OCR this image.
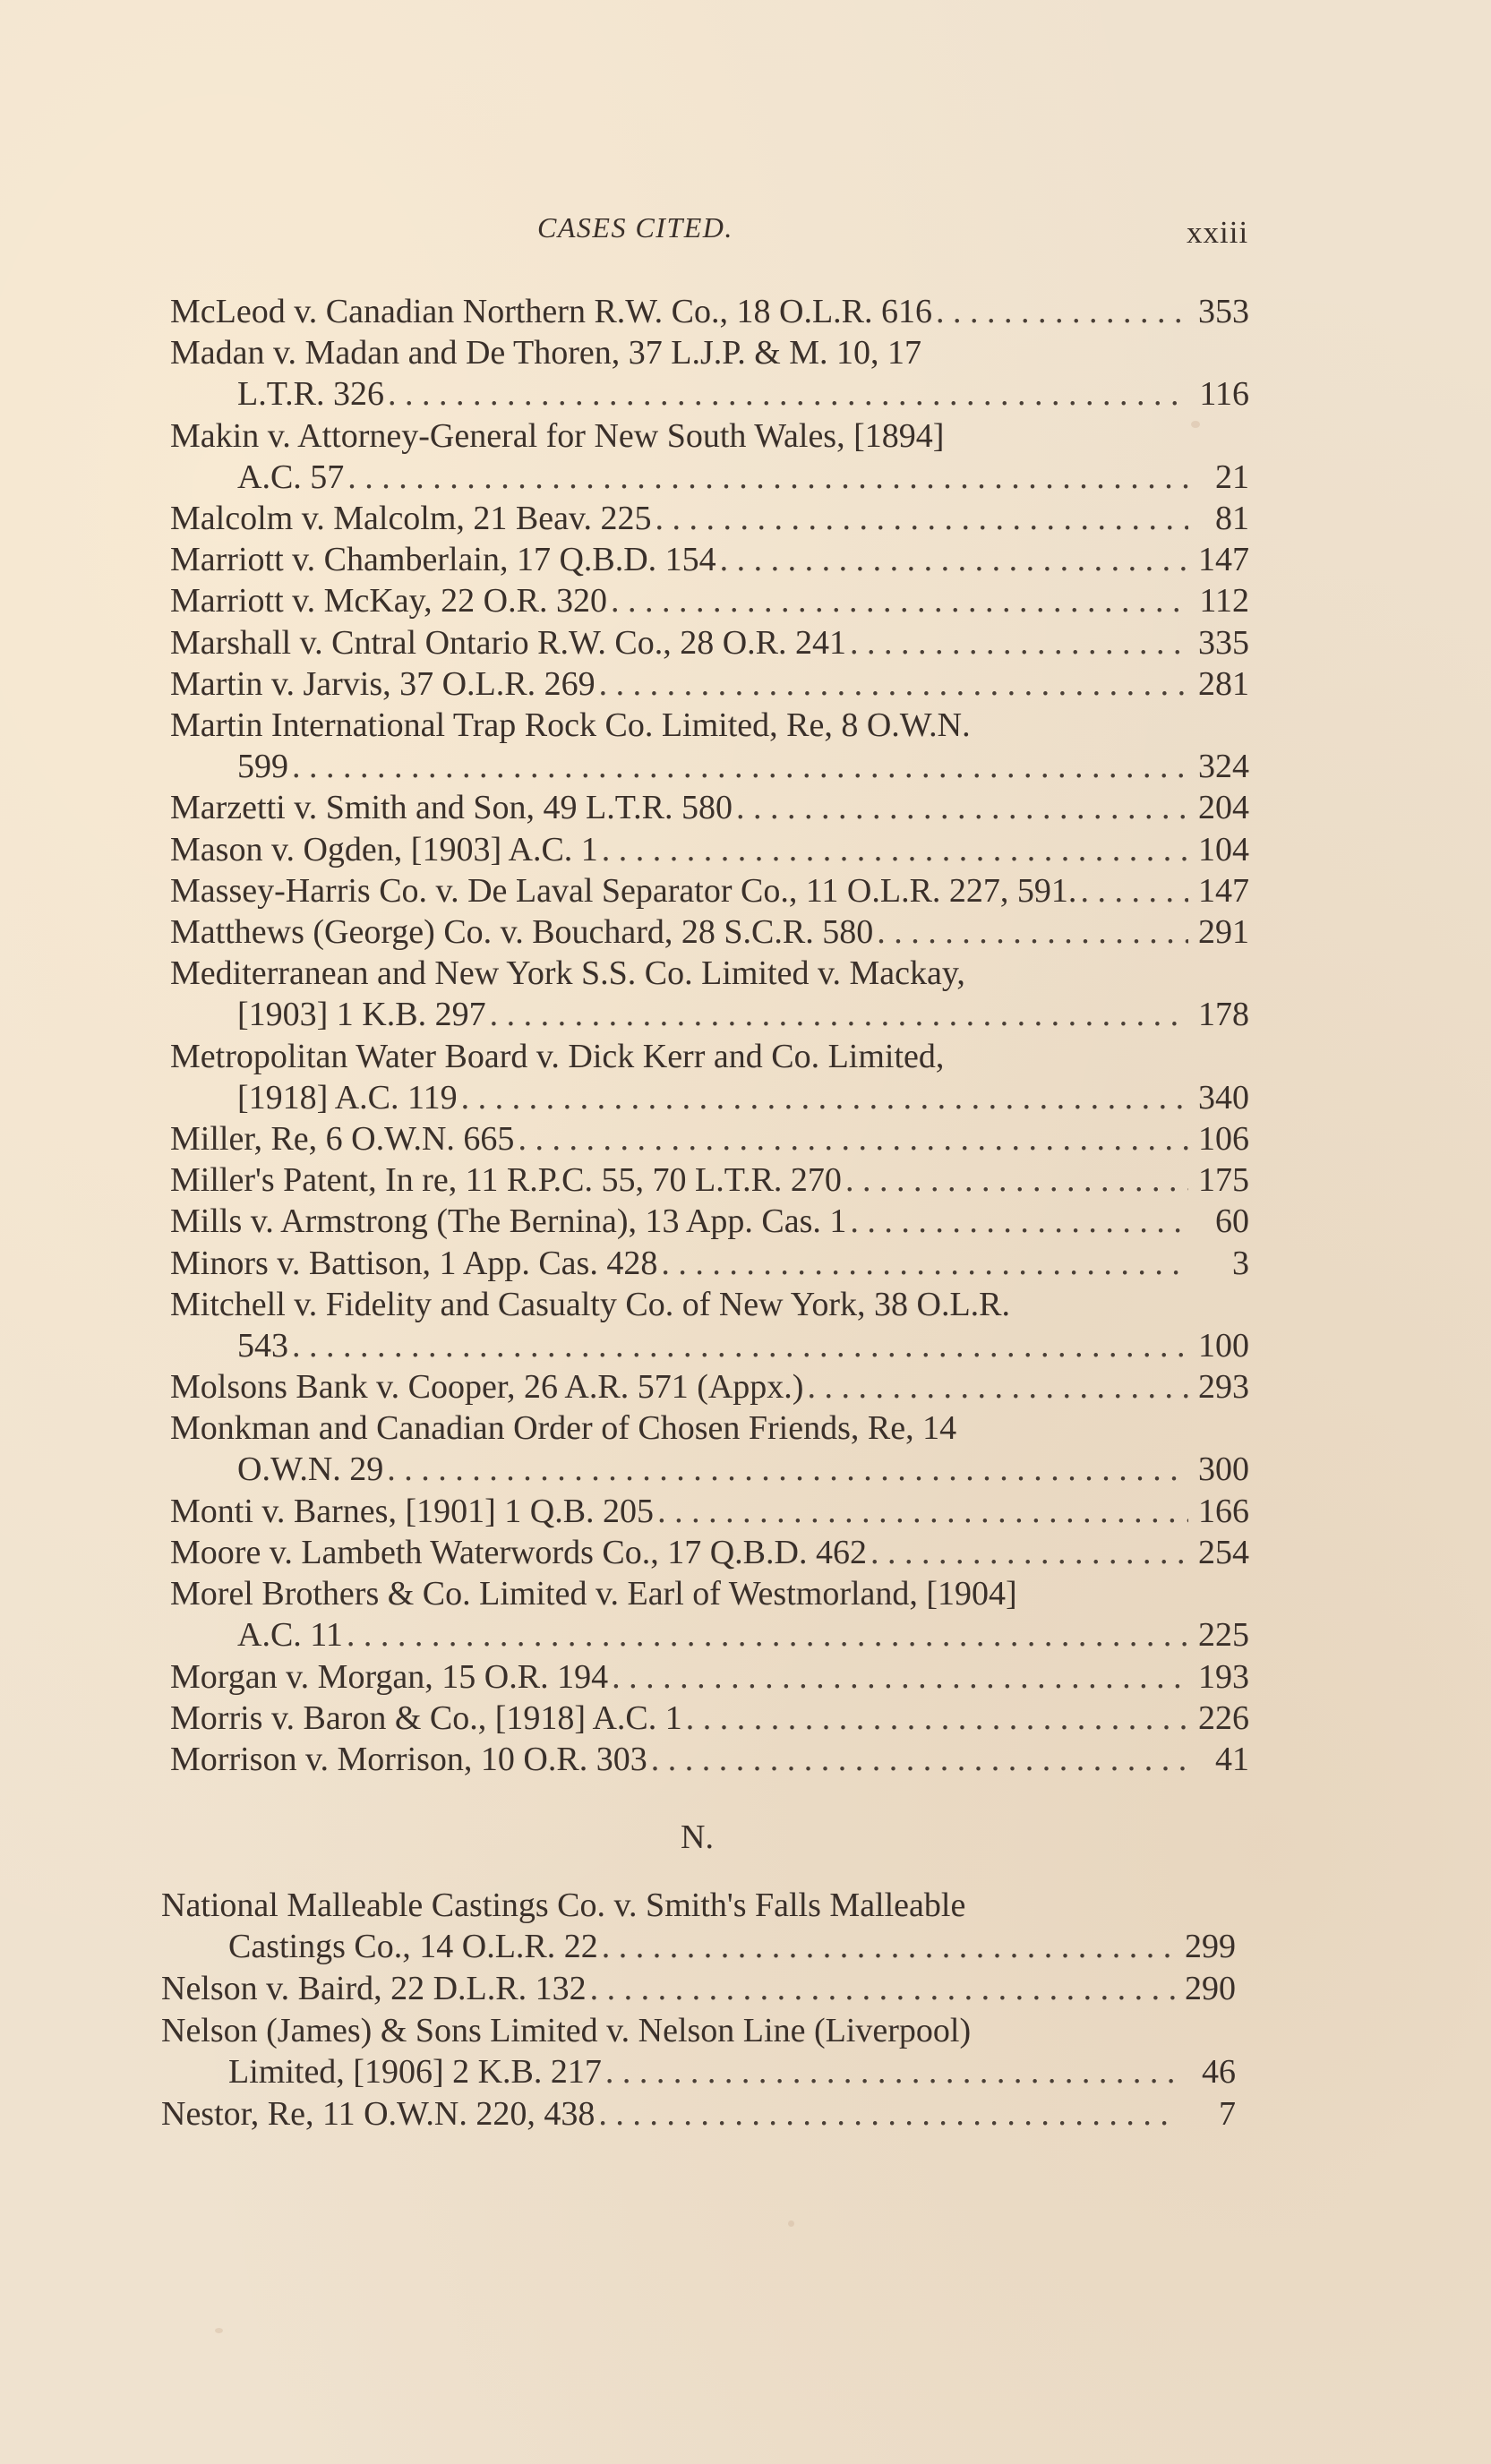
CASES CITED.	xxiii
McLeod v. Canadian Northern R.W. Co., 18 O.L.R. 616 . . .	353
Madan v. Madan and De Thoren, 37 L.J.P. & M. 10, 17
L.T.R. 326 . . .	116
Makin v. Attorney-General for New South Wales, [1894]
A.C. 57 . . .	21
Malcolm v. Malcolm, 21 Beav. 225 . . .	81
Marriott v. Chamberlain, 17 Q.B.D. 154 . . .	147
Marriott v. McKay, 22 O.R. 320 . . .	112
Marshall v. Cntral Ontario R.W. Co., 28 O.R. 241 . . .	335
Martin v. Jarvis, 37 O.L.R. 269 . . .	281
Martin International Trap Rock Co. Limited, Re, 8 O.W.N.
599 . . .	324
Marzetti v. Smith and Son, 49 L.T.R. 580 . . .	204
Mason v. Ogden, [1903] A.C. 1 . . .	104
Massey-Harris Co. v. De Laval Separator Co., 11 O.L.R. 227, 591. . . .	147
Matthews (George) Co. v. Bouchard, 28 S.C.R. 580 . . .	291
Mediterranean and New York S.S. Co. Limited v. Mackay,
[1903] 1 K.B. 297 . . .	178
Metropolitan Water Board v. Dick Kerr and Co. Limited,
[1918] A.C. 119 . . .	340
Miller, Re, 6 O.W.N. 665 . . .	106
Miller's Patent, In re, 11 R.P.C. 55, 70 L.T.R. 270 . . .	175
Mills v. Armstrong (The Bernina), 13 App. Cas. 1 . . .	60
Minors v. Battison, 1 App. Cas. 428 . . .	3
Mitchell v. Fidelity and Casualty Co. of New York, 38 O.L.R.
543 . . .	100
Molsons Bank v. Cooper, 26 A.R. 571 (Appx.) . . .	293
Monkman and Canadian Order of Chosen Friends, Re, 14
O.W.N. 29 . . .	300
Monti v. Barnes, [1901] 1 Q.B. 205 . . .	166
Moore v. Lambeth Waterwords Co., 17 Q.B.D. 462 . . .	254
Morel Brothers & Co. Limited v. Earl of Westmorland, [1904]
A.C. 11 . . .	225
Morgan v. Morgan, 15 O.R. 194 . . .	193
Morris v. Baron & Co., [1918] A.C. 1 . . .	226
Morrison v. Morrison, 10 O.R. 303 . . .	41
N.
National Malleable Castings Co. v. Smith's Falls Malleable
Castings Co., 14 O.L.R. 22 . . .	299
Nelson v. Baird, 22 D.L.R. 132 . . .	290
Nelson (James) & Sons Limited v. Nelson Line (Liverpool)
Limited, [1906] 2 K.B. 217 . . .	46
Nestor, Re, 11 O.W.N. 220, 438 . . .	7
